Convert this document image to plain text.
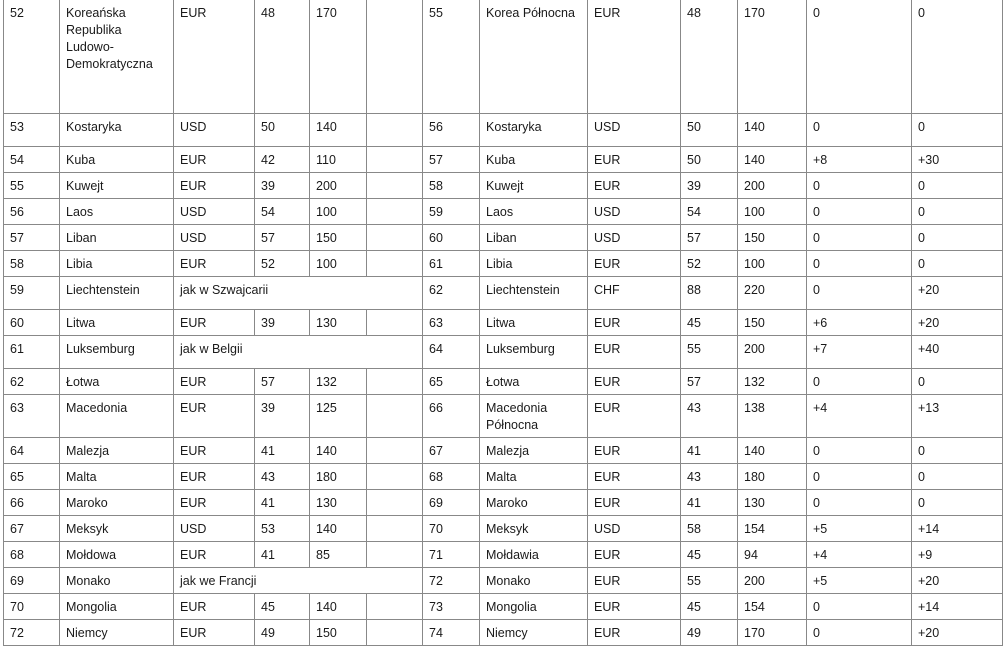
52	Koreańska Republika Ludowo-Demokratyczna	EUR	48	170		55	Korea Północna	EUR	48	170	0	0
53	Kostaryka	USD	50	140		56	Kostaryka	USD	50	140	0	0
54	Kuba	EUR	42	110		57	Kuba	EUR	50	140	+8	+30
55	Kuwejt	EUR	39	200		58	Kuwejt	EUR	39	200	0	0
56	Laos	USD	54	100		59	Laos	USD	54	100	0	0
57	Liban	USD	57	150		60	Liban	USD	57	150	0	0
58	Libia	EUR	52	100		61	Libia	EUR	52	100	0	0
59	Liechtenstein	jak w Szwajcarii				62	Liechtenstein	CHF	88	220	0	+20
60	Litwa	EUR	39	130		63	Litwa	EUR	45	150	+6	+20
61	Luksemburg	jak w Belgii				64	Luksemburg	EUR	55	200	+7	+40
62	Łotwa	EUR	57	132		65	Łotwa	EUR	57	132	0	0
63	Macedonia	EUR	39	125		66	Macedonia Północna	EUR	43	138	+4	+13
64	Malezja	EUR	41	140		67	Malezja	EUR	41	140	0	0
65	Malta	EUR	43	180		68	Malta	EUR	43	180	0	0
66	Maroko	EUR	41	130		69	Maroko	EUR	41	130	0	0
67	Meksyk	USD	53	140		70	Meksyk	USD	58	154	+5	+14
68	Mołdowa	EUR	41	85		71	Mołdawia	EUR	45	94	+4	+9
69	Monako	jak we Francji				72	Monako	EUR	55	200	+5	+20
70	Mongolia	EUR	45	140		73	Mongolia	EUR	45	154	0	+14
72	Niemcy	EUR	49	150		74	Niemcy	EUR	49	170	0	+20
